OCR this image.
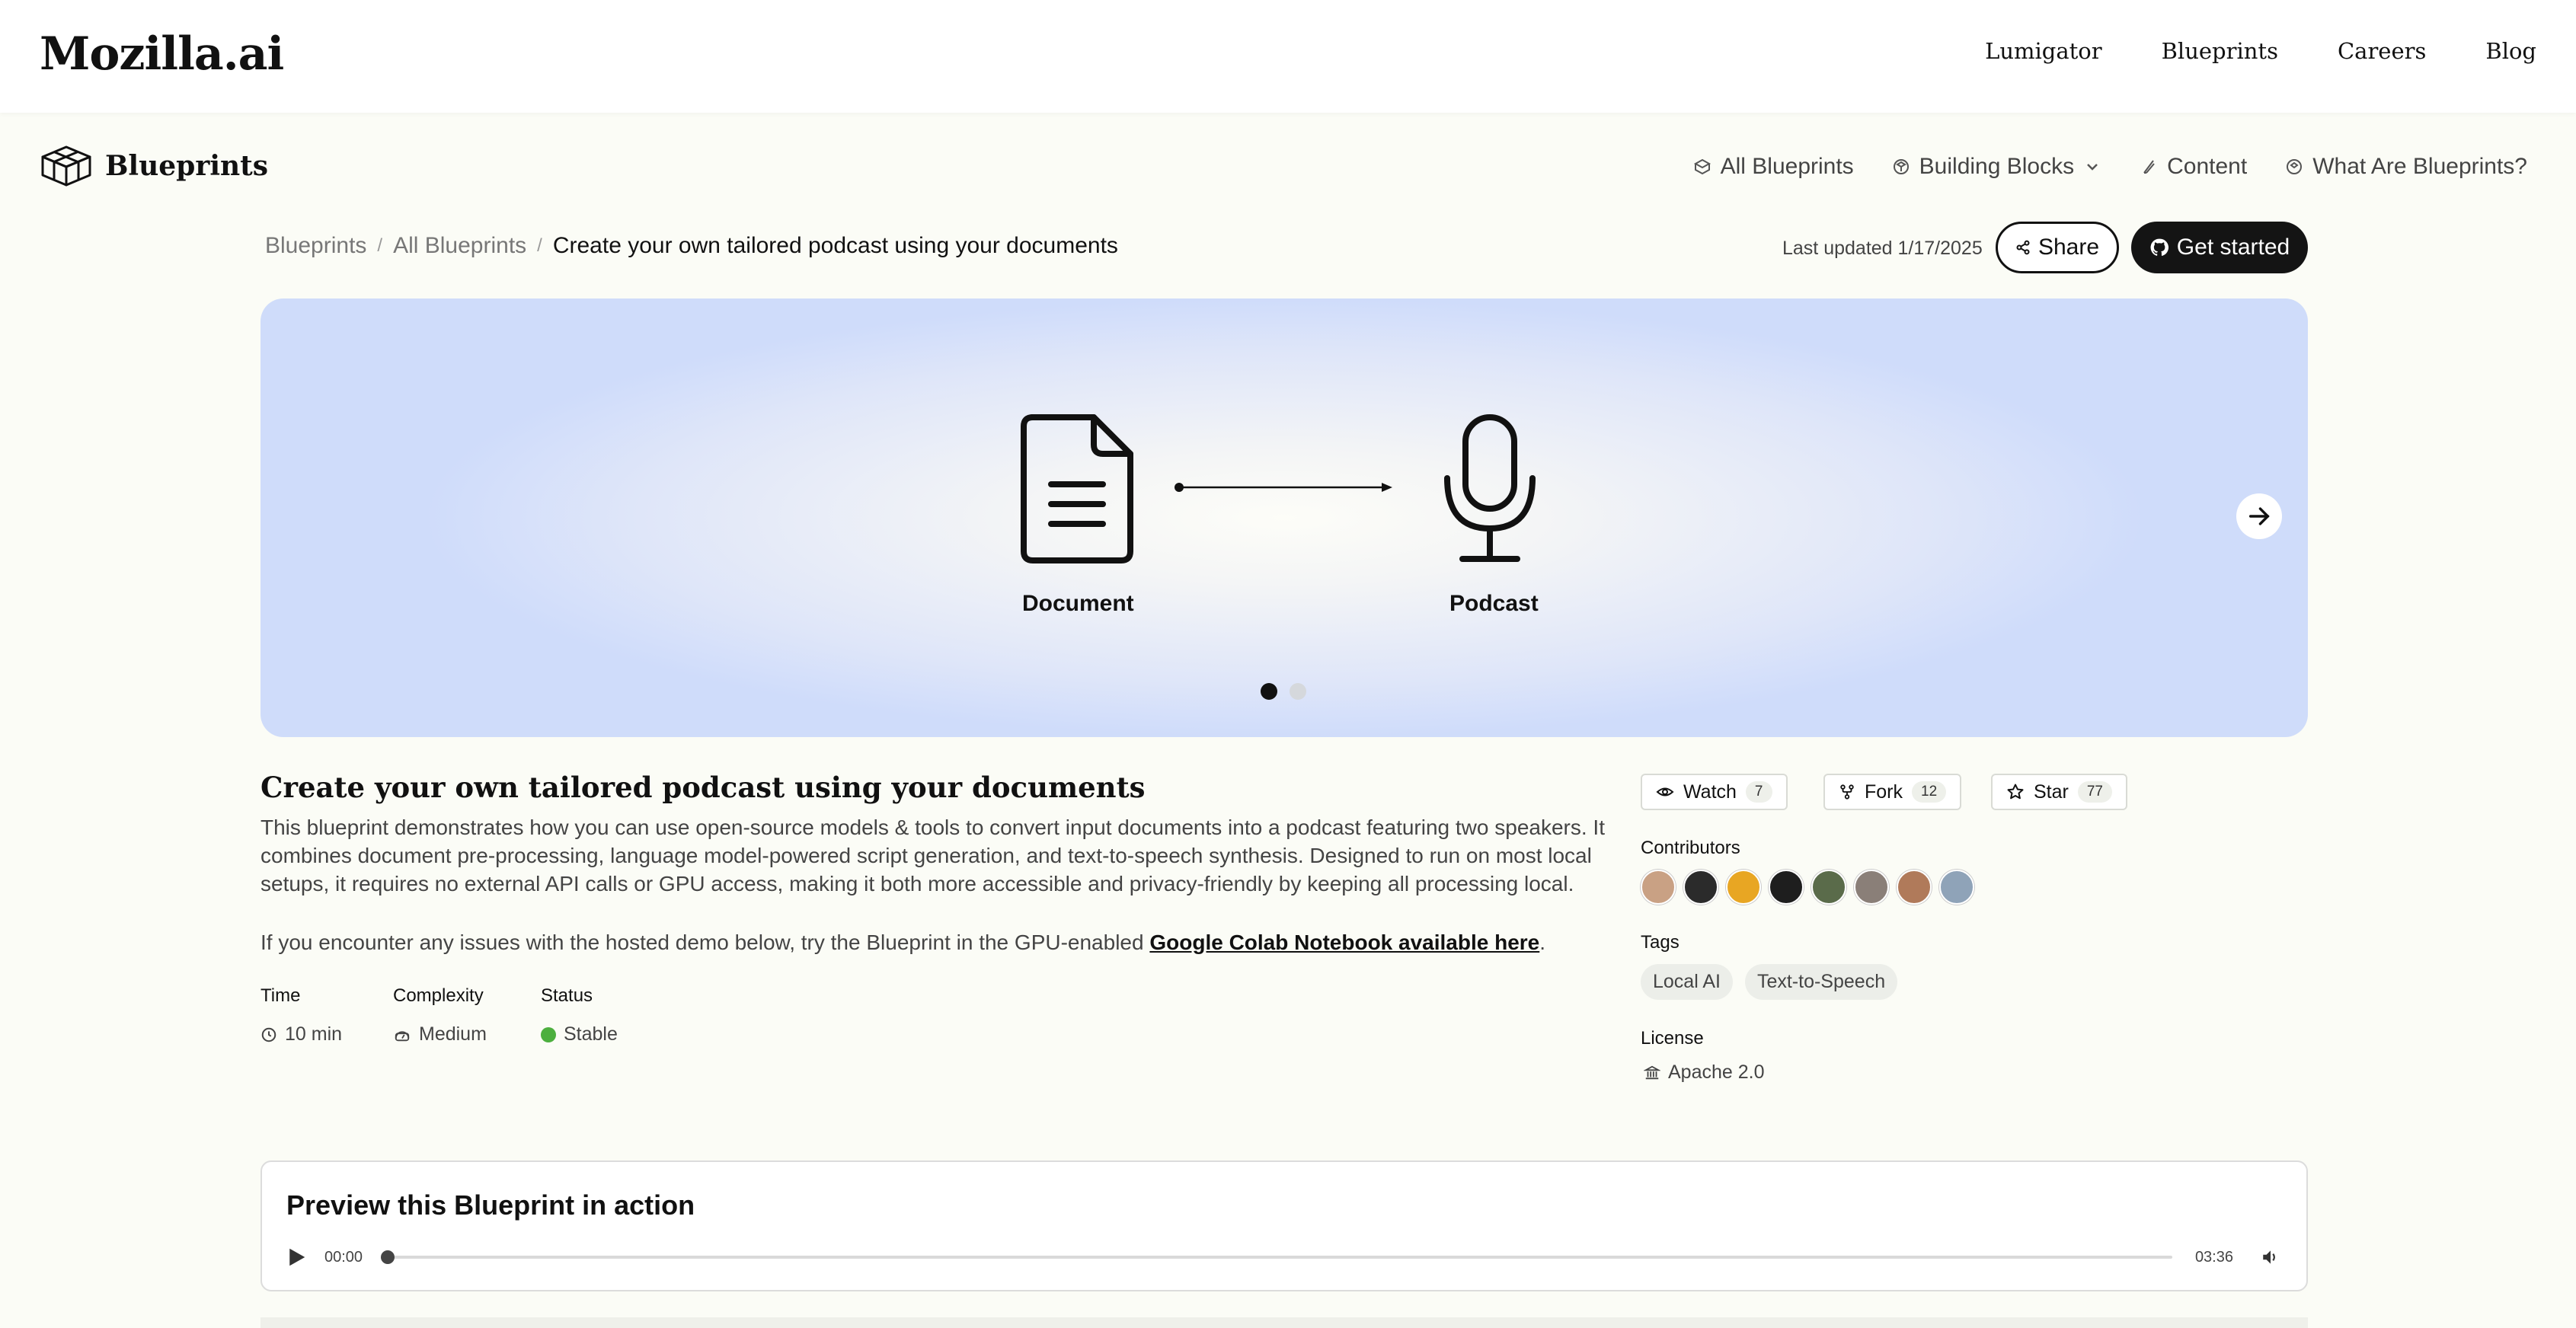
Mozilla.ai	Lumigator	Blueprints	Careers	Blog
Blueprints	All Blueprints	Building Blocks	Content	What Are Blueprints?
Blueprints / All Blueprints / Create your own tailored podcast using your documents	Last updated 1/17/2025 Share	Get started
Document	Podcast
Create your own tailored podcast using your documents
This blueprint demonstrates how you can use open-source models & tools to convert input documents into a podcast featuring two speakers. It combines document pre-processing, language model-powered script generation, and text-to-speech synthesis. Designed to run on most local setups, it requires no external API calls or GPU access, making it both more accessible and privacy-friendly by keeping all processing local.

If you encounter any issues with the hosted demo below, try the Blueprint in the GPU-enabled Google Colab Notebook available here.

Time
10 min
Complexity
Medium
Status
Stable
Watch	7	Fork	12	Star	77
Contributors
Tags
Local AI	Text-to-Speech
License
Apache 2.0
Preview this Blueprint in action
00:00	03:36
